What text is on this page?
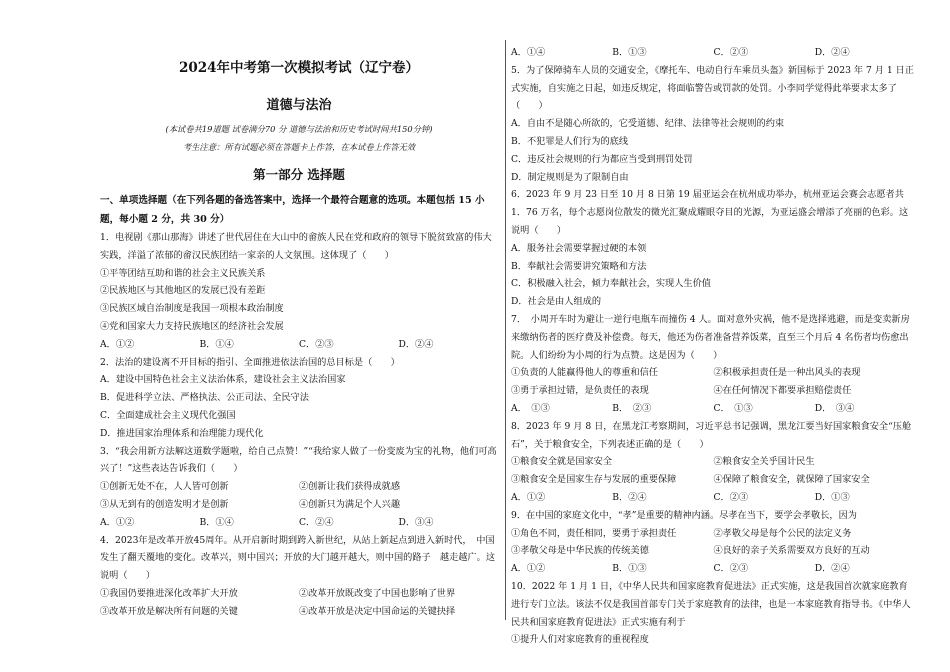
2024年中考第一次模拟考试（辽宁卷）
道德与法治
(本试卷共19道题 试卷满分70 分 道德与法治和历史考试时间共150分钟)
考生注意：所有试题必须在答题卡上作答，在本试卷上作答无效
第一部分 选择题
一、单项选择题（在下列各题的备选答案中，选择一个最符合题意的选项。本题包括 15 小题，每小题 2 分，共 30 分）
1．电视剧《那山那海》讲述了世代居住在大山中的畲族人民在党和政府的领导下脱贫致富的伟大实践，洋溢了浓郁的畲汉民族团结一家亲的人文氛围。这体现了（　　）
①平等团结互助和谐的社会主义民族关系
②民族地区与其他地区的发展已没有差距
③民族区域自治制度是我国一项根本政治制度
④党和国家大力支持民族地区的经济社会发展
A．①②	B．①④	C．②③	D．②④
2．法治的建设离不开目标的指引、全面推进依法治国的总目标是（　　）
A．建设中国特色社会主义法治体系，建设社会主义法治国家
B．促进科学立法、严格执法、公正司法、全民守法
C．全面建成社会主义现代化强国
D．推进国家治理体系和治理能力现代化
3．“我会用新方法解这道数学题啦，给自己点赞！”“我给家人做了一份变废为宝的礼物，他们可高兴了！”这些表达告诉我们（　　）
①创新无处不在，人人皆可创新	②创新让我们获得成就感
③从无到有的创造发明才是创新	④创新只为满足个人兴趣
A．①②	B．①④	C．②④	D．③④
4．2023年是改革开放45周年。从开启新时期到跨入新世纪，从站上新起点到进入新时代，　中国发生了翻天覆地的变化。改革兴，则中国兴；开放的大门越开越大，则中国的路子　越走越广。这说明（　　）
①我国仍要推进深化改革扩大开放	②改革开放既改变了中国也影响了世界
③改革开放是解决所有问题的关键	④改革开放是决定中国命运的关键抉择
A．①④	B．①③	C．②③	D．②④
5．为了保障骑车人员的交通安全，《摩托车、电动自行车乘员头盔》新国标于 2023 年 7 月 1 日正式实施，自实施之日起，如违反规定，将面临警告或罚款的处罚。小李同学觉得此举要求太多了（　　）
A．自由不是随心所欲的，它受道德、纪律、法律等社会规则的约束
B．不犯罪是人们行为的底线
C．违反社会规则的行为都应当受到刑罚处罚
D．制定规则是为了限制自由
6．2023 年 9 月 23 日至 10 月 8 日第 19 届亚运会在杭州成功举办，杭州亚运会赛会志愿者共 1．76 万名，每个志愿岗位散发的微光汇聚成耀眼夺目的光源，为亚运盛会增添了亮丽的色彩。这说明（　　）
A．服务社会需要掌握过硬的本领
B．奉献社会需要讲究策略和方法
C．积极融入社会，倾力奉献社会，实现人生价值
D．社会是由人组成的
7．　小周开车时为避让一逆行电瓶车而撞伤 4 人。面对意外灾祸，他不是选择逃避，而是变卖新房来缴纳伤者的医疗费及补偿费。每天，他还为伤者准备营养饭菜，直至三个月后 4 名伤者均伤愈出院。人们纷纷为小周的行为点赞。这是因为（　　）
①负责的人能赢得他人的尊重和信任	②积极承担责任是一种出风头的表现
③勇于承担过错，是负责任的表现	④在任何情况下都要承担赔偿责任
A．　①③	B．　②③	C．　①③	D．　③④
8．2023 年 9 月 8 日，在黑龙江考察期间，习近平总书记强调，黑龙江要当好国家粮食安全“压舱石”，关于粮食安全，下列表述正确的是（　　）
①粮食安全就是国家安全	②粮食安全关乎国计民生
③粮食安全是国家生存与发展的重要保障	④保障了粮食安全，就保障了国家安全
A．①②	B．②④	C．②③	D．①③
9．在中国的家庭文化中，“孝”是重要的精神内涵。尽孝在当下，要学会孝敬长，因为
①角色不同，责任相同，要勇于承担责任	②孝敬父母是每个公民的法定义务
③孝敬父母是中华民族的传统美德	④良好的亲子关系需要双方良好的互动
A．①②	B．①③	C．②③	D．②④
10．2022 年 1 月 1 日，《中华人民共和国家庭教育促进法》正式实施，这是我国首次就家庭教育进行专门立法。该法不仅是我国首部专门关于家庭教育的法律，也是一本家庭教育指导书。《中华人民共和国家庭教育促进法》正式实施有利于
①提升人们对家庭教育的重视程度
